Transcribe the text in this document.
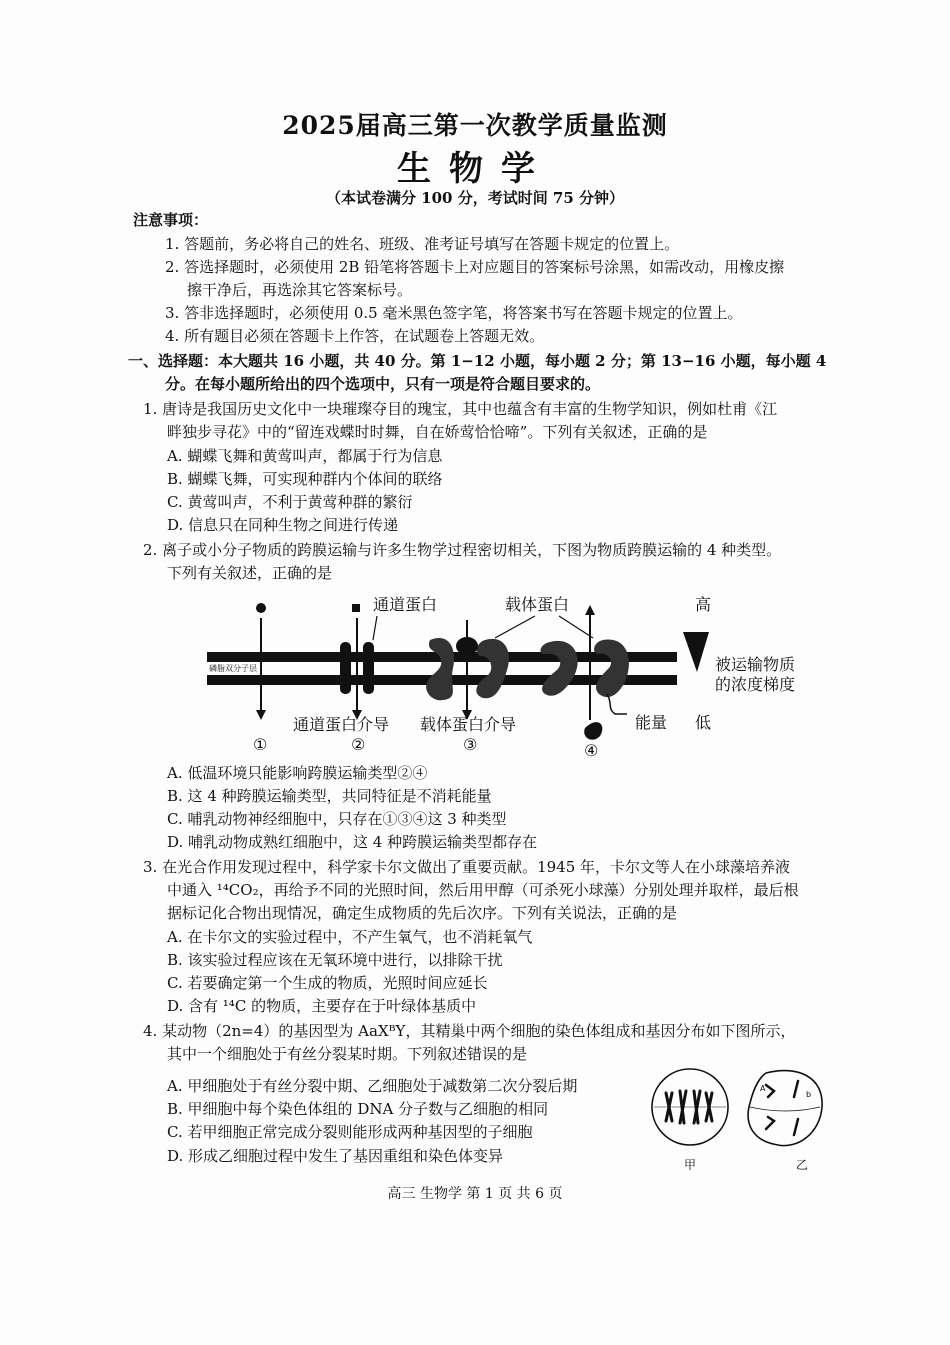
2025届高三第一次教学质量监测
生物学
（本试卷满分 100 分，考试时间 75 分钟）
注意事项：
1. 答题前，务必将自己的姓名、班级、准考证号填写在答题卡规定的位置上。
2. 答选择题时，必须使用 2B 铅笔将答题卡上对应题目的答案标号涂黑，如需改动，用橡皮擦
擦干净后，再选涂其它答案标号。
3. 答非选择题时，必须使用 0.5 毫米黑色签字笔，将答案书写在答题卡规定的位置上。
4. 所有题目必须在答题卡上作答，在试题卷上答题无效。
一、选择题：本大题共 16 小题，共 40 分。第 1−12 小题，每小题 2 分；第 13−16 小题，每小题 4
分。在每小题所给出的四个选项中，只有一项是符合题目要求的。
1. 唐诗是我国历史文化中一块璀璨夺目的瑰宝，其中也蕴含有丰富的生物学知识，例如杜甫《江
畔独步寻花》中的“留连戏蝶时时舞，自在娇莺恰恰啼”。下列有关叙述，正确的是
A. 蝴蝶飞舞和黄莺叫声，都属于行为信息
B. 蝴蝶飞舞，可实现种群内个体间的联络
C. 黄莺叫声，不利于黄莺种群的繁衍
D. 信息只在同种生物之间进行传递
2. 离子或小分子物质的跨膜运输与许多生物学过程密切相关，下图为物质跨膜运输的 4 种类型。
下列有关叙述，正确的是
磷脂双分子层
通道蛋白	载体蛋白	高
被运输物质
的浓度梯度
通道蛋白介导 载体蛋白介导	能量 低
①	②	③	④
A. 低温环境只能影响跨膜运输类型②④
B. 这 4 种跨膜运输类型，共同特征是不消耗能量
C. 哺乳动物神经细胞中，只存在①③④这 3 种类型
D. 哺乳动物成熟红细胞中，这 4 种跨膜运输类型都存在
3. 在光合作用发现过程中，科学家卡尔文做出了重要贡献。1945 年，卡尔文等人在小球藻培养液
中通入 ¹⁴CO₂，再给予不同的光照时间，然后用甲醇（可杀死小球藻）分别处理并取样，最后根
据标记化合物出现情况，确定生成物质的先后次序。下列有关说法，正确的是
A. 在卡尔文的实验过程中，不产生氧气，也不消耗氧气
B. 该实验过程应该在无氧环境中进行，以排除干扰
C. 若要确定第一个生成的物质，光照时间应延长
D. 含有 ¹⁴C 的物质，主要存在于叶绿体基质中
4. 某动物（2n=4）的基因型为 AaXᴮY，其精巢中两个细胞的染色体组成和基因分布如下图所示，
其中一个细胞处于有丝分裂某时期。下列叙述错误的是
A. 甲细胞处于有丝分裂中期、乙细胞处于减数第二次分裂后期
B. 甲细胞中每个染色体组的 DNA 分子数与乙细胞的相同
C. 若甲细胞正常完成分裂则能形成两种基因型的子细胞
D. 形成乙细胞过程中发生了基因重组和染色体变异	甲
A
b
乙
高三 生物学 第 1 页 共 6 页
